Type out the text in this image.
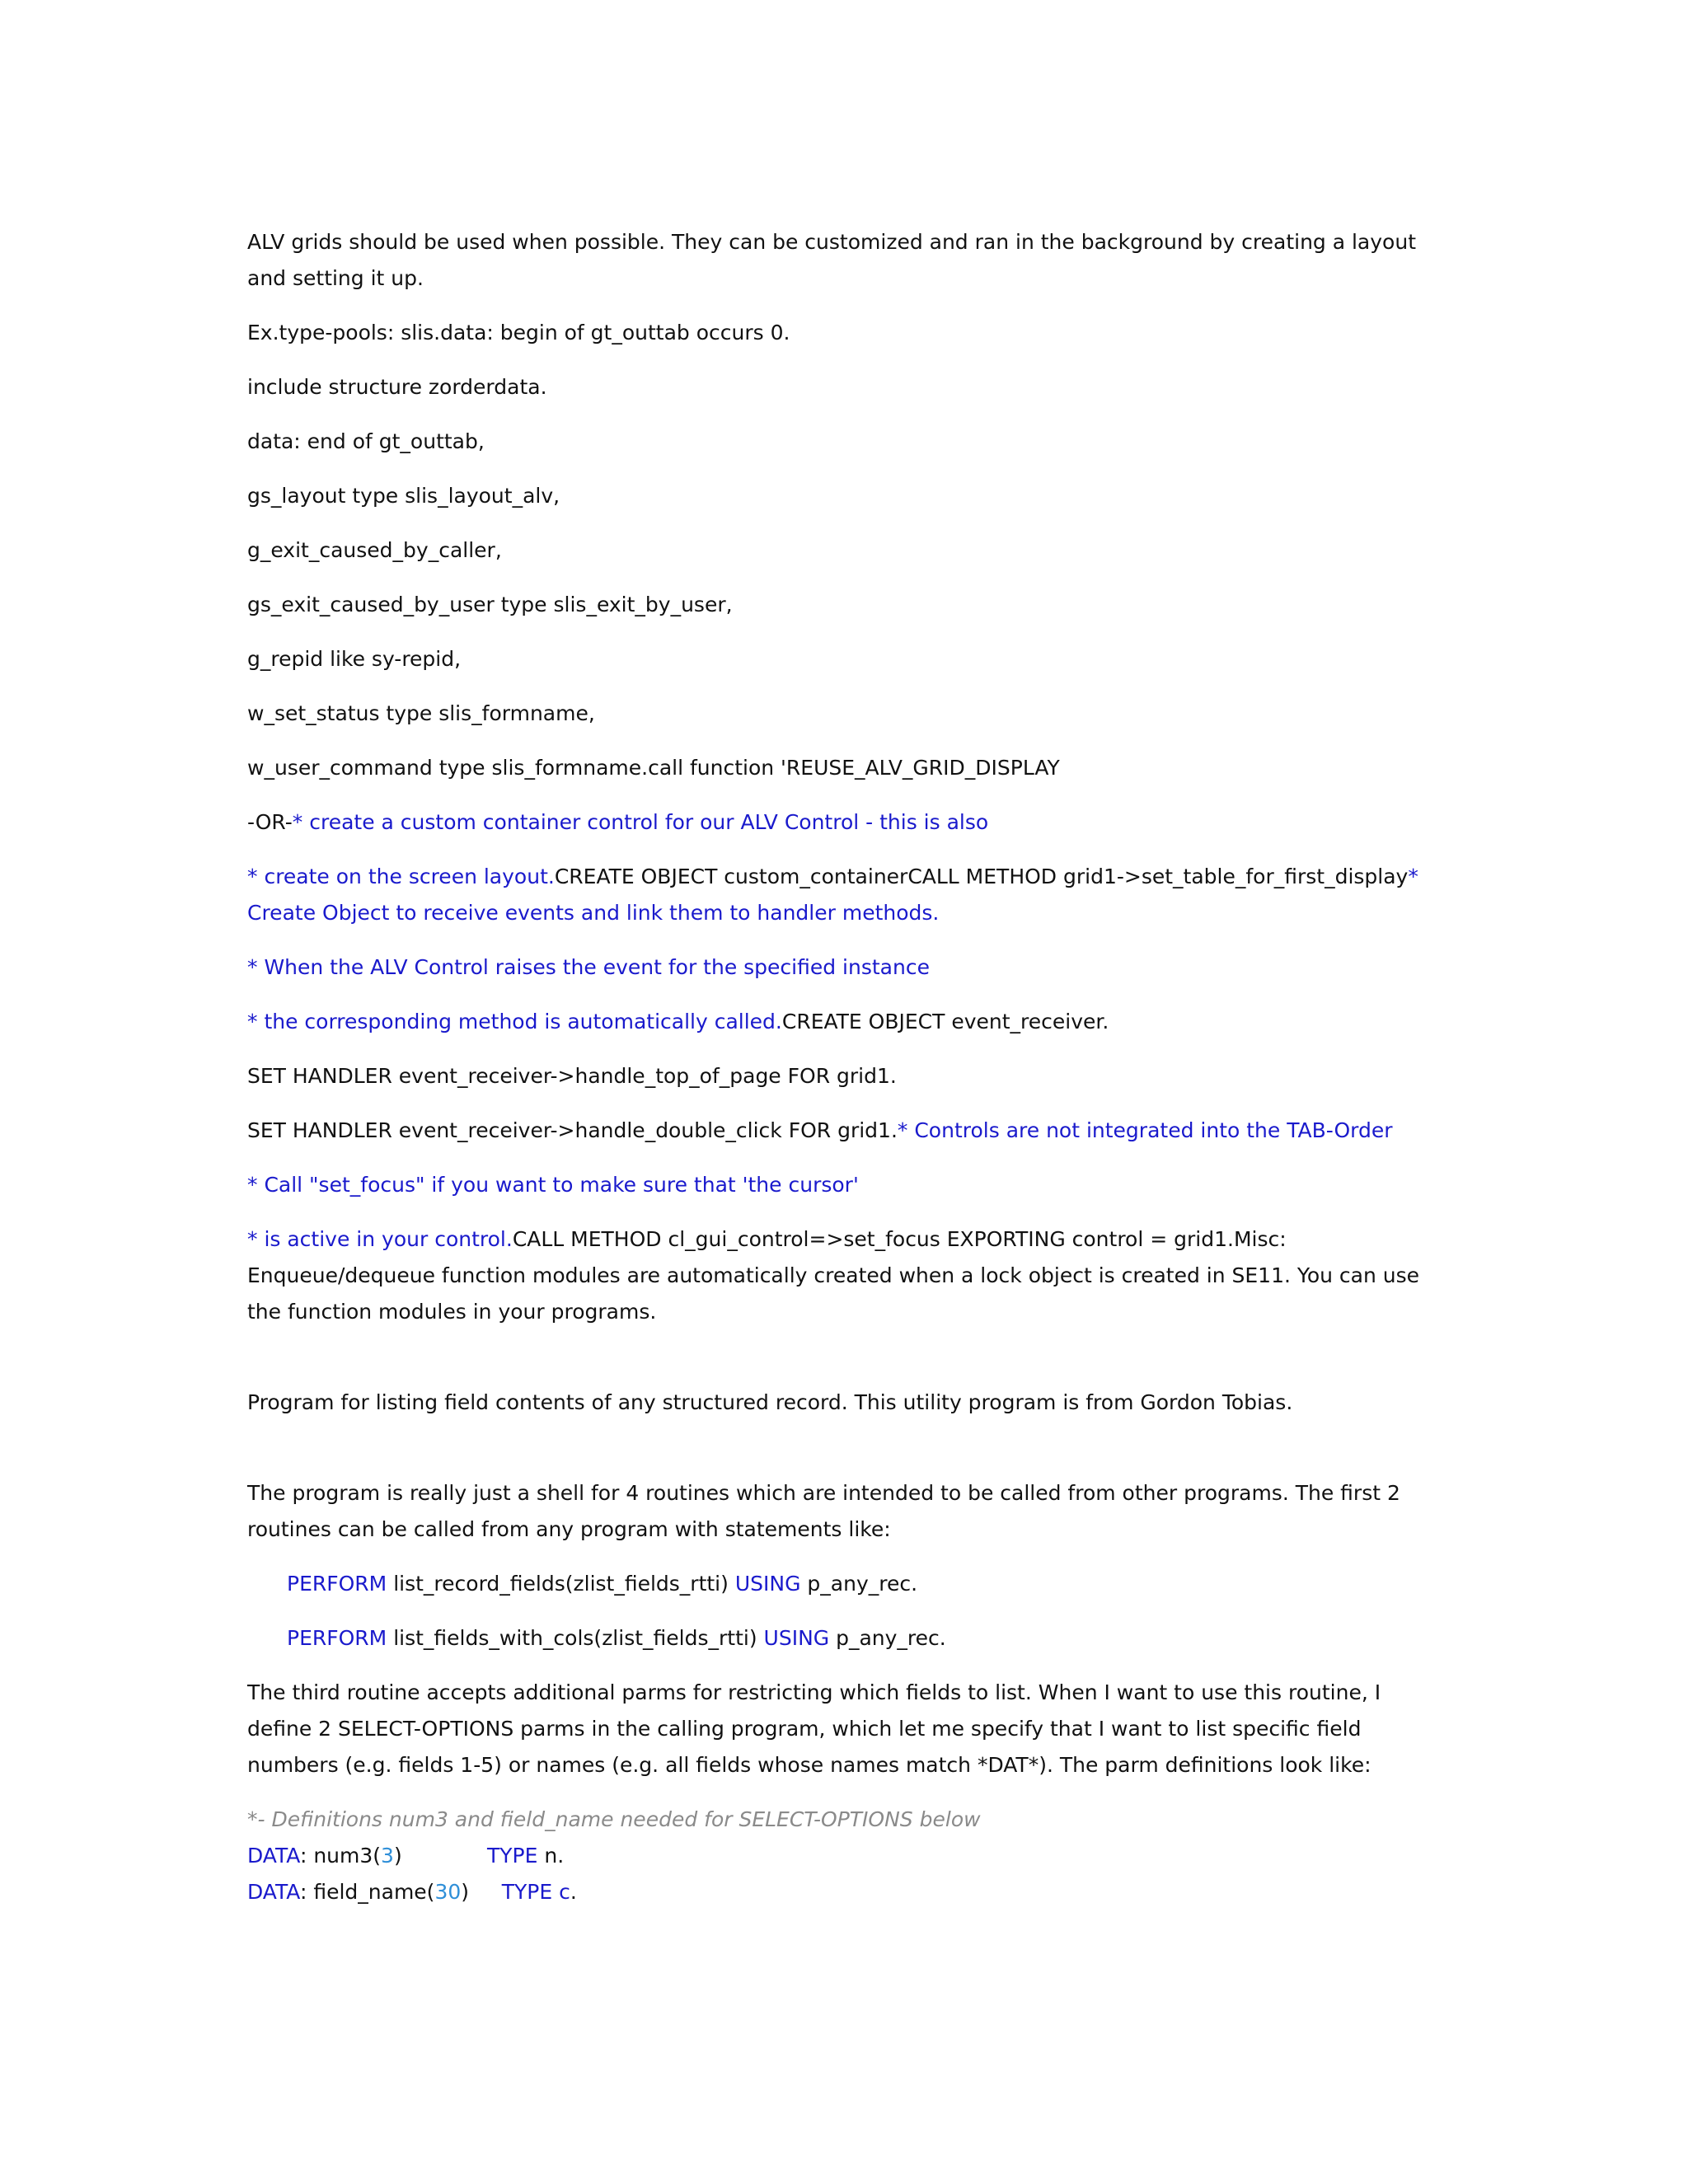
ALV grids should be used when possible. They can be customized and ran in the background by creating a layout and setting it up.

Ex.type-pools: slis.data: begin of gt_outtab occurs 0.

include structure zorderdata.

data: end of gt_outtab,

gs_layout type slis_layout_alv,

g_exit_caused_by_caller,

gs_exit_caused_by_user type slis_exit_by_user,

g_repid like sy-repid,

w_set_status type slis_formname,

w_user_command type slis_formname.call function 'REUSE_ALV_GRID_DISPLAY

-OR-* create a custom container control for our ALV Control - this is also

* create on the screen layout.CREATE OBJECT custom_containerCALL METHOD grid1->set_table_for_first_display* Create Object to receive events and link them to handler methods.

* When the ALV Control raises the event for the specified instance

* the corresponding method is automatically called.CREATE OBJECT event_receiver.

SET HANDLER event_receiver->handle_top_of_page FOR grid1.

SET HANDLER event_receiver->handle_double_click FOR grid1.* Controls are not integrated into the TAB-Order

* Call "set_focus" if you want to make sure that 'the cursor'

* is active in your control.CALL METHOD cl_gui_control=>set_focus EXPORTING control = grid1.Misc:
Enqueue/dequeue function modules are automatically created when a lock object is created in SE11. You can use the function modules in your programs.

Program for listing field contents of any structured record. This utility program is from Gordon Tobias.

The program is really just a shell for 4 routines which are intended to be called from other programs. The first 2 routines can be called from any program with statements like:

PERFORM list_record_fields(zlist_fields_rtti) USING p_any_rec.

PERFORM list_fields_with_cols(zlist_fields_rtti) USING p_any_rec.

The third routine accepts additional parms for restricting which fields to list. When I want to use this routine, I define 2 SELECT-OPTIONS parms in the calling program, which let me specify that I want to list specific field numbers (e.g. fields 1-5) or names (e.g. all fields whose names match *DAT*). The parm definitions look like:

*- Definitions num3 and field_name needed for SELECT-OPTIONS below

DATA: num3(3)             TYPE n.

DATA: field_name(30)     TYPE c.
